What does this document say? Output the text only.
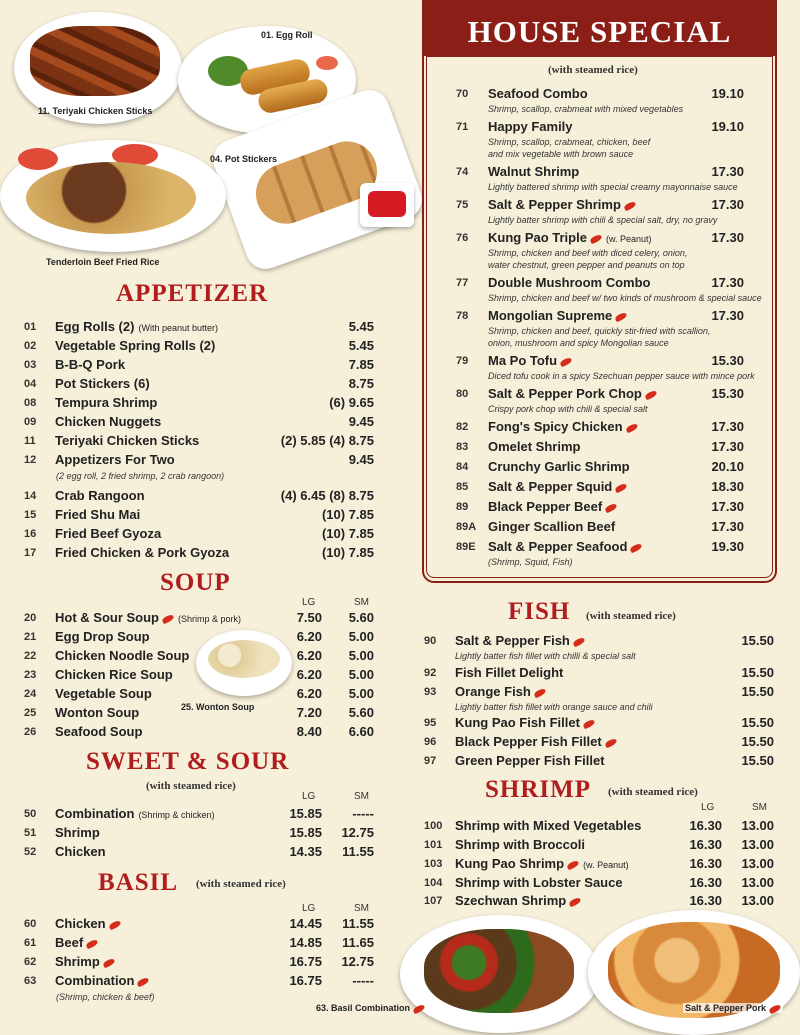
11. Teriyaki Chicken Sticks
01. Egg Roll
04. Pot Stickers
Tenderloin Beef Fried Rice
APPETIZER
01 Egg Rolls (2) (With peanut butter)	5.45
02 Vegetable Spring Rolls (2)	5.45
03 B-B-Q Pork	7.85
04 Pot Stickers (6)	8.75
08 Tempura Shrimp	(6) 9.65
09 Chicken Nuggets	9.45
11 Teriyaki Chicken Sticks	(2) 5.85 (4) 8.75
12 Appetizers For Two	9.45
14 Crab Rangoon	(4) 6.45 (8) 8.75
15 Fried Shu Mai	(10) 7.85
16 Fried Beef Gyoza	(10) 7.85
17 Fried Chicken & Pork Gyoza	(10) 7.85
(2 egg roll, 2 fried shrimp, 2 crab rangoon)
SOUP
LG	SM
20 Hot & Sour Soup (Shrimp & pork)	7.50 5.60
21 Egg Drop Soup	6.20 5.00
22 Chicken Noodle Soup	6.20 5.00
23 Chicken Rice Soup	6.20 5.00
24 Vegetable Soup	6.20 5.00
25 Wonton Soup	7.20 5.60
26 Seafood Soup	8.40 6.60
25. Wonton Soup
SWEET & SOUR
(with steamed rice)
LG	SM
50 Combination (Shrimp & chicken)	15.85 -----
51 Shrimp	15.85 12.75
52 Chicken	14.35 11.55
BASIL (with steamed rice)
LG	SM
60 Chicken	14.45 11.55
61 Beef	14.85 11.65
62 Shrimp	16.75 12.75
63 Combination	16.75 -----
(Shrimp, chicken & beef)
HOUSE SPECIAL
(with steamed rice)
70 Seafood Combo	19.10
Shrimp, scallop, crabmeat with mixed vegetables
71 Happy Family	19.10
Shrimp, scallop, crabmeat, chicken, beef
and mix vegetable with brown sauce
74 Walnut Shrimp	17.30
Lightly battered shrimp with special creamy mayonnaise sauce
75 Salt & Pepper Shrimp	17.30
Lightly batter shrimp with chili & special salt, dry, no gravy
76 Kung Pao Triple (w. Peanut)	17.30
Shrimp, chicken and beef with diced celery, onion,
water chestnut, green pepper and peanuts on top
77 Double Mushroom Combo	17.30
Shrimp, chicken and beef w/ two kinds of mushroom & special sauce
78 Mongolian Supreme	17.30
Shrimp, chicken and beef, quickly stir-fried with scallion,
onion, mushroom and spicy Mongolian sauce
79 Ma Po Tofu	15.30
Diced tofu cook in a spicy Szechuan pepper sauce with mince pork
80 Salt & Pepper Pork Chop	15.30
Crispy pork chop with chili & special salt
82 Fong's Spicy Chicken	17.30
83 Omelet Shrimp	17.30
84 Crunchy Garlic Shrimp	20.10
85 Salt & Pepper Squid	18.30
89 Black Pepper Beef	17.30
89A Ginger Scallion Beef	17.30
89E Salt & Pepper Seafood	19.30
(Shrimp, Squid, Fish)
FISH (with steamed rice)
90 Salt & Pepper Fish	15.50
Lightly batter fish fillet with chilli & special salt
92 Fish Fillet Delight	15.50
93 Orange Fish	15.50
Lightly batter fish fillet with orange sauce and chili
95 Kung Pao Fish Fillet	15.50
96 Black Pepper Fish Fillet	15.50
97 Green Pepper Fish Fillet	15.50
SHRIMP (with steamed rice)
LG	SM
100 Shrimp with Mixed Vegetables	16.30 13.00
101 Shrimp with Broccoli	16.30 13.00
103 Kung Pao Shrimp (w. Peanut)	16.30 13.00
104 Shrimp with Lobster Sauce	16.30 13.00
107 Szechwan Shrimp	16.30 13.00
63. Basil Combination	Salt & Pepper Pork
